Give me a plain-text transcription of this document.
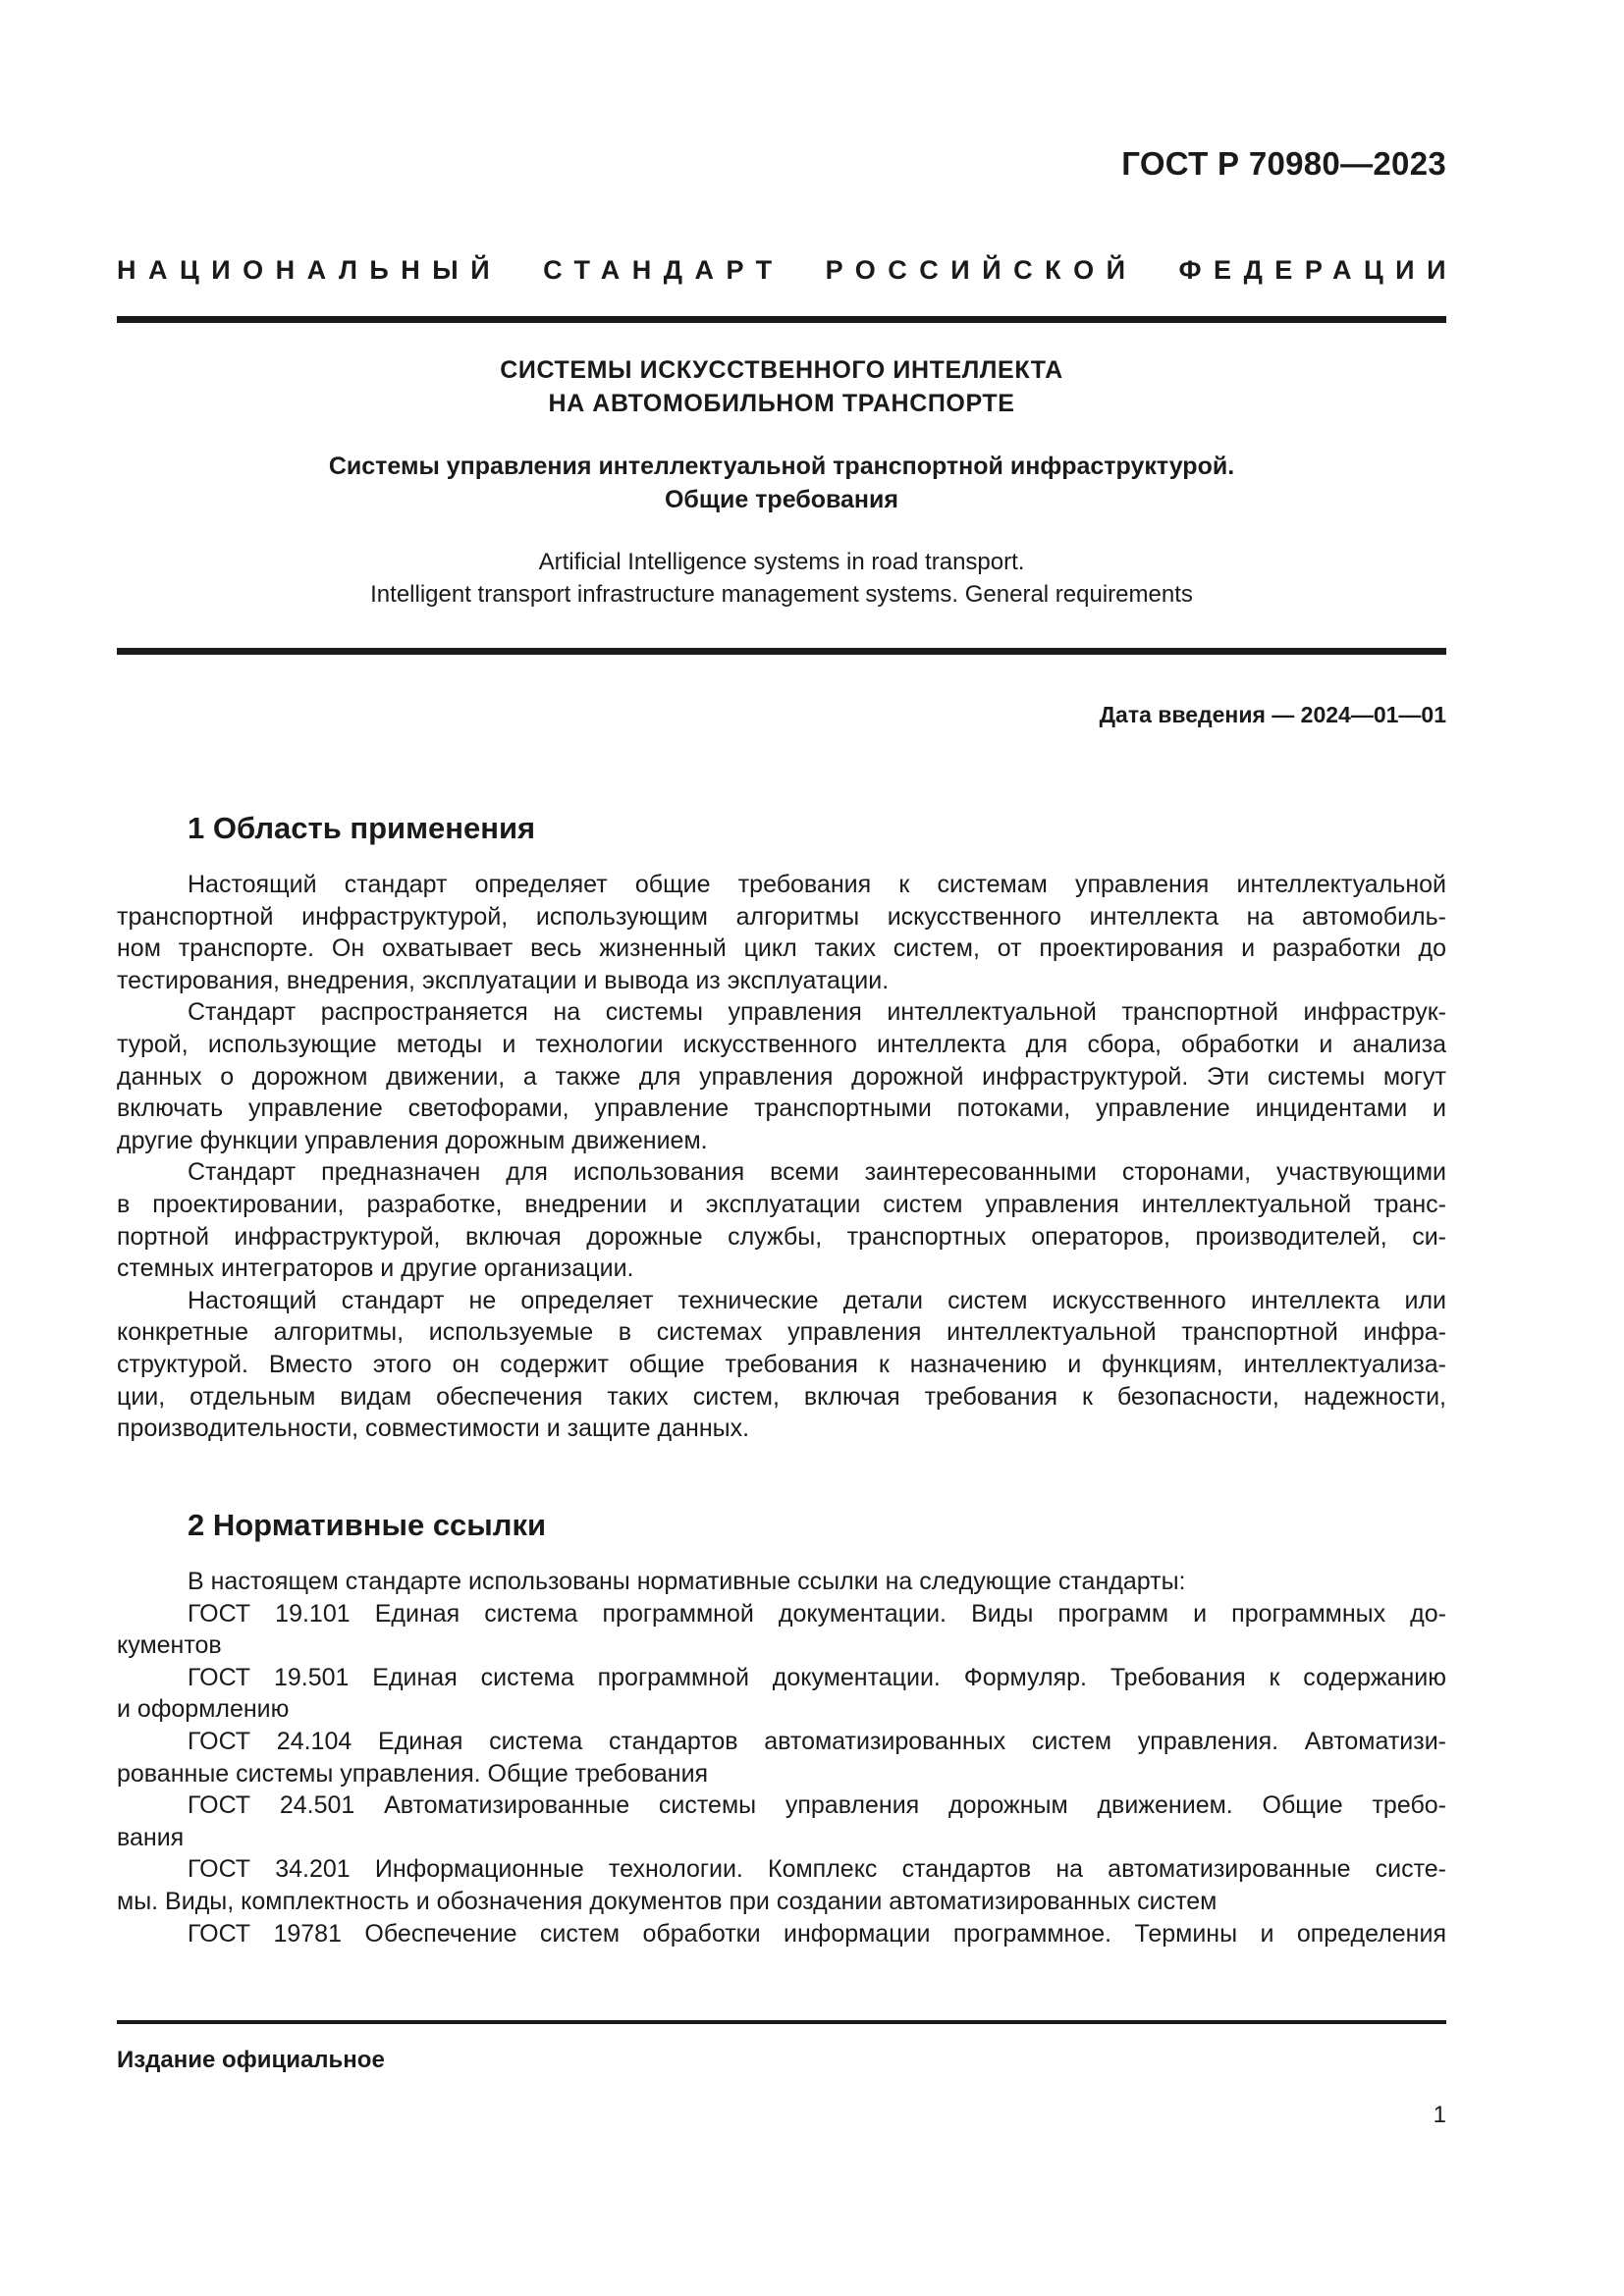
ГОСТ Р 70980—2023
НАЦИОНАЛЬНЫЙ СТАНДАРТ РОССИЙСКОЙ ФЕДЕРАЦИИ
СИСТЕМЫ ИСКУССТВЕННОГО ИНТЕЛЛЕКТА
НА АВТОМОБИЛЬНОМ ТРАНСПОРТЕ
Системы управления интеллектуальной транспортной инфраструктурой.
Общие требования
Artificial Intelligence systems in road transport.
Intelligent transport infrastructure management systems. General requirements
Дата введения — 2024—01—01
1 Область применения
Настоящий стандарт определяет общие требования к системам управления интеллектуальной
транспортной инфраструктурой, использующим алгоритмы искусственного интеллекта на автомобиль-
ном транспорте. Он охватывает весь жизненный цикл таких систем, от проектирования и разработки до
тестирования, внедрения, эксплуатации и вывода из эксплуатации.
Стандарт распространяется на системы управления интеллектуальной транспортной инфраструк-
турой, использующие методы и технологии искусственного интеллекта для сбора, обработки и анализа
данных о дорожном движении, а также для управления дорожной инфраструктурой. Эти системы могут
включать управление светофорами, управление транспортными потоками, управление инцидентами и
другие функции управления дорожным движением.
Стандарт предназначен для использования всеми заинтересованными сторонами, участвующими
в проектировании, разработке, внедрении и эксплуатации систем управления интеллектуальной транс-
портной инфраструктурой, включая дорожные службы, транспортных операторов, производителей, си-
стемных интеграторов и другие организации.
Настоящий стандарт не определяет технические детали систем искусственного интеллекта или
конкретные алгоритмы, используемые в системах управления интеллектуальной транспортной инфра-
структурой. Вместо этого он содержит общие требования к назначению и функциям, интеллектуализа-
ции, отдельным видам обеспечения таких систем, включая требования к безопасности, надежности,
производительности, совместимости и защите данных.
2 Нормативные ссылки
В настоящем стандарте использованы нормативные ссылки на следующие стандарты:
ГОСТ 19.101 Единая система программной документации. Виды программ и программных до-
кументов
ГОСТ 19.501 Единая система программной документации. Формуляр. Требования к содержанию
и оформлению
ГОСТ 24.104 Единая система стандартов автоматизированных систем управления. Автоматизи-
рованные системы управления. Общие требования
ГОСТ 24.501 Автоматизированные системы управления дорожным движением. Общие требо-
вания
ГОСТ 34.201 Информационные технологии. Комплекс стандартов на автоматизированные систе-
мы. Виды, комплектность и обозначения документов при создании автоматизированных систем
ГОСТ 19781 Обеспечение систем обработки информации программное. Термины и определения
Издание официальное
1
